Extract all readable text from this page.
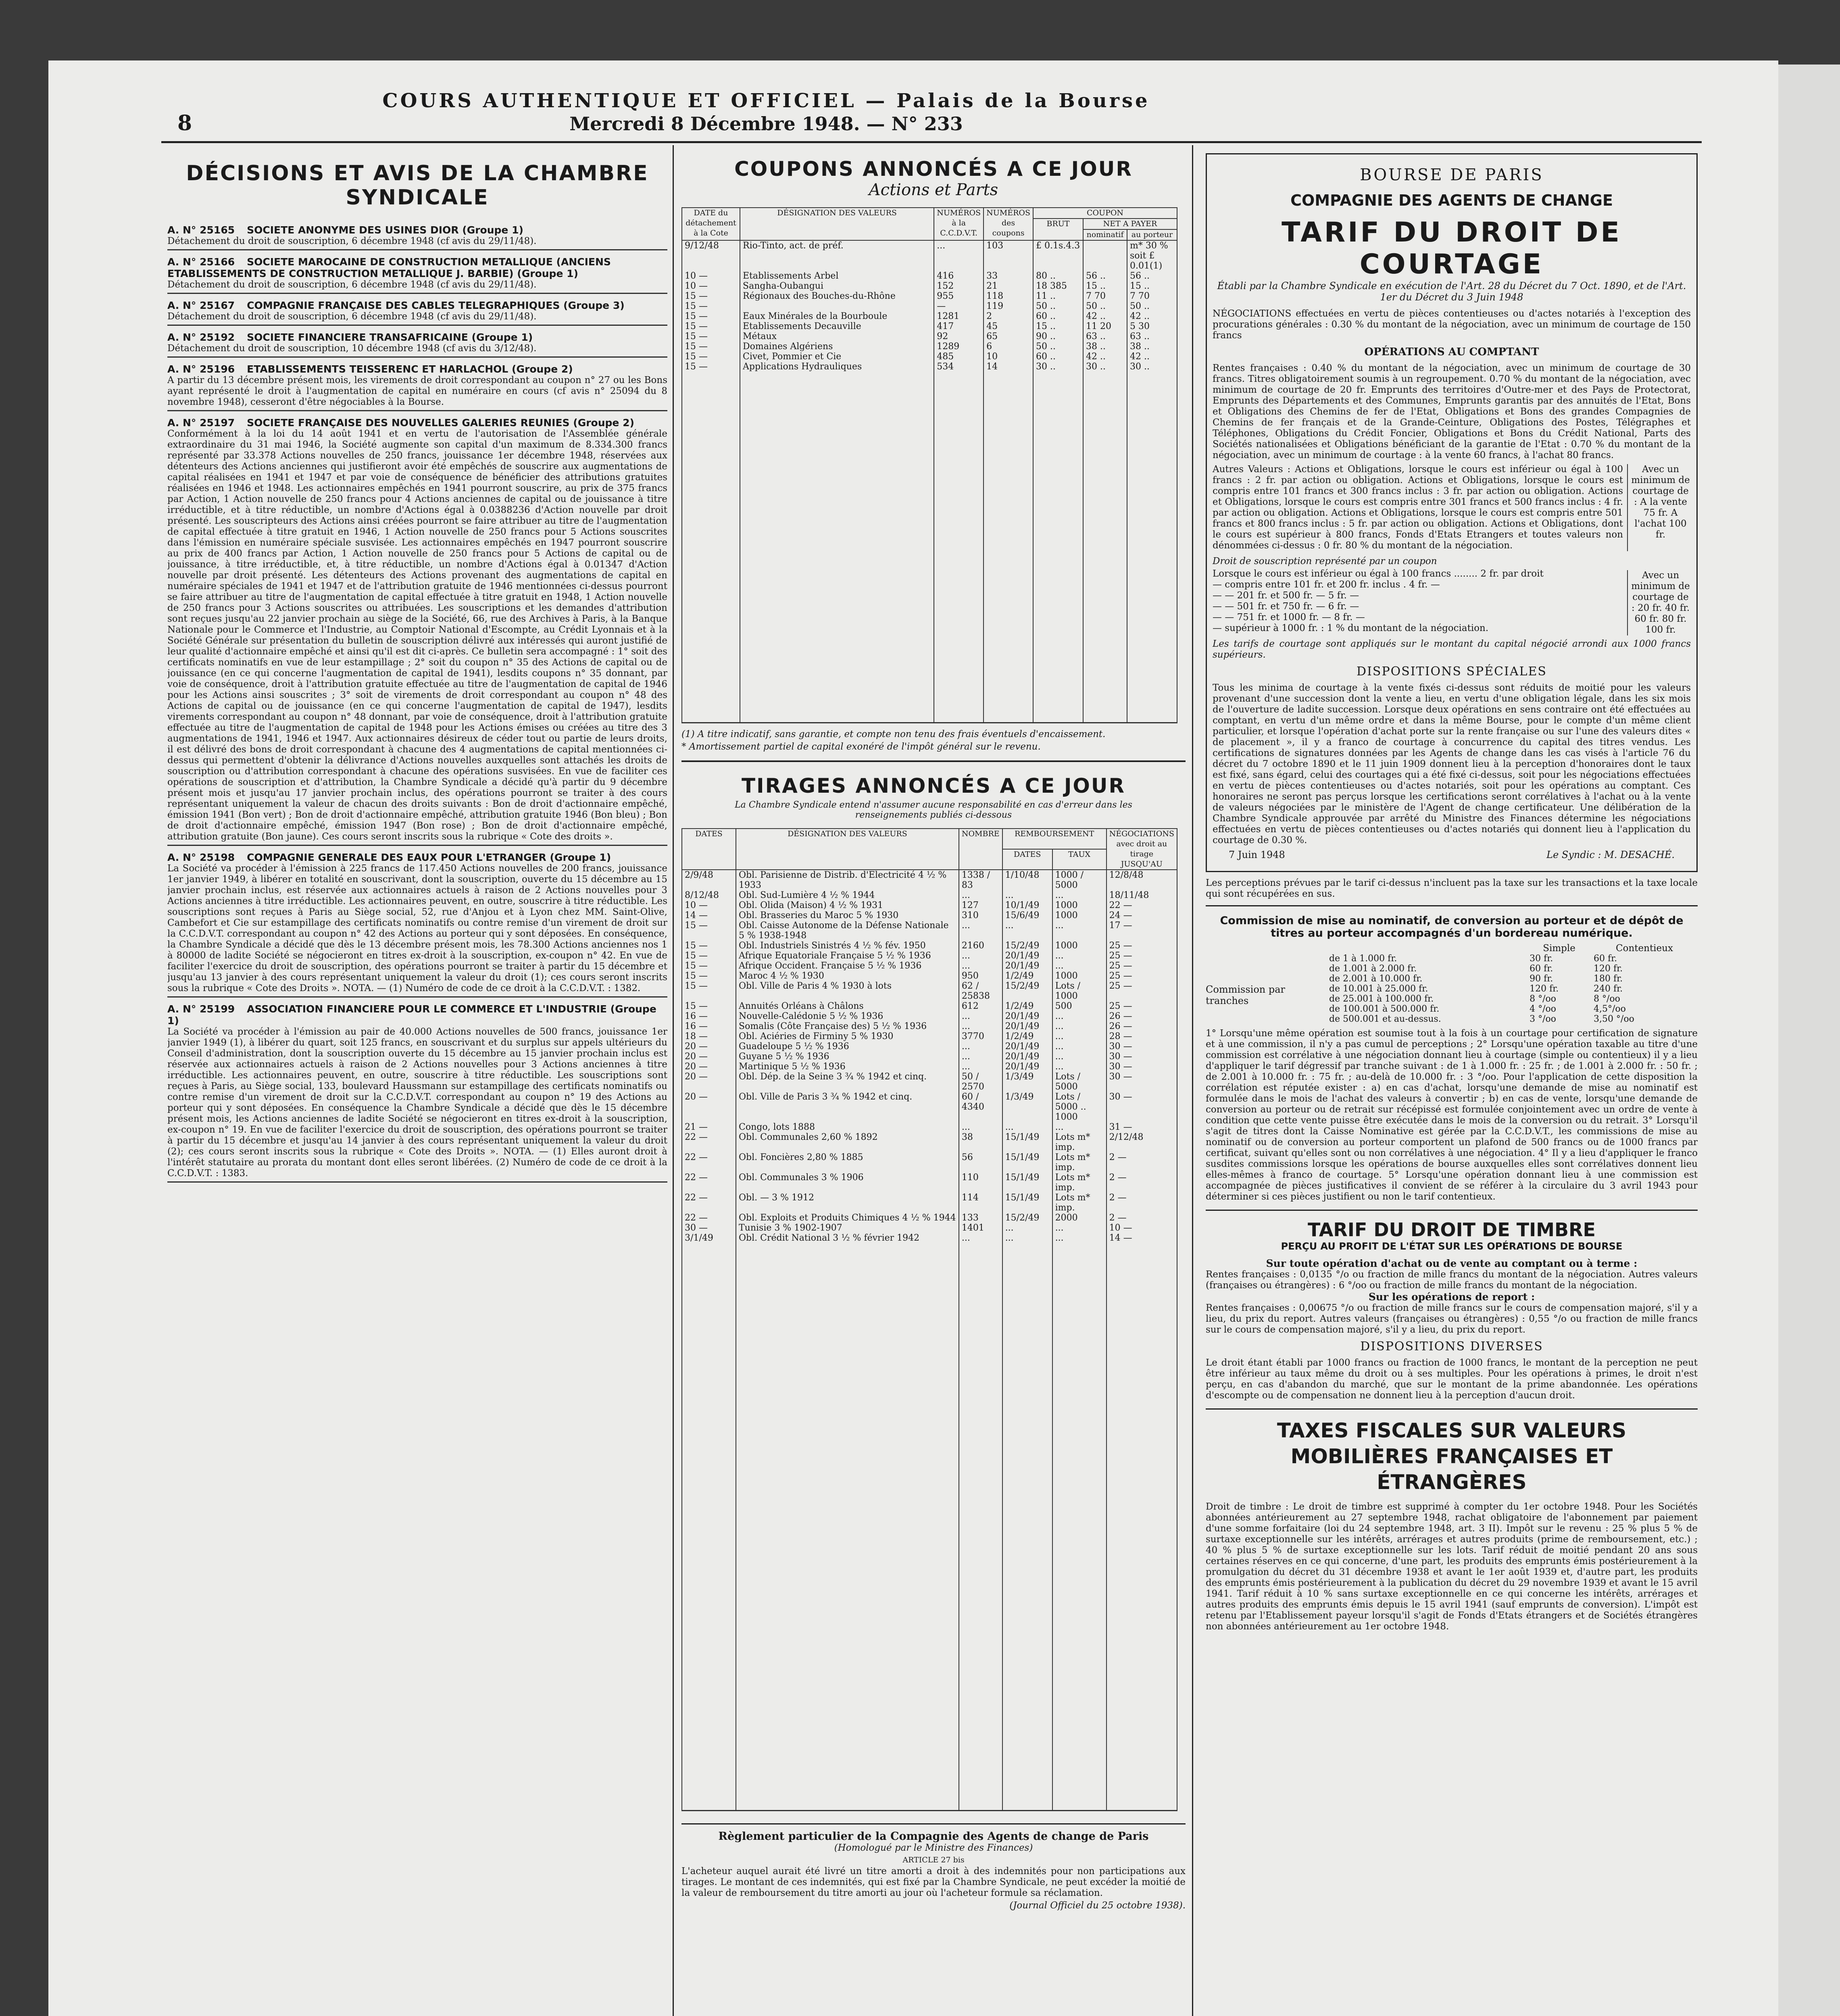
8
COURS AUTHENTIQUE ET OFFICIEL — Palais de la Bourse
Mercredi 8 Décembre 1948. — N° 233
DÉCISIONS ET AVIS DE LA CHAMBRE SYNDICALE
A. N° 25165 SOCIETE ANONYME DES USINES DIOR (Groupe 1)
Détachement du droit de souscription, 6 décembre 1948 (cf avis du 29/11/48).
A. N° 25166 SOCIETE MAROCAINE DE CONSTRUCTION METALLIQUE (ANCIENS ETABLISSEMENTS DE CONSTRUCTION METALLIQUE J. BARBIE) (Groupe 1)
Détachement du droit de souscription, 6 décembre 1948 (cf avis du 29/11/48).
A. N° 25167 COMPAGNIE FRANÇAISE DES CABLES TELEGRAPHIQUES (Groupe 3)
Détachement du droit de souscription, 6 décembre 1948 (cf avis du 29/11/48).
A. N° 25192 SOCIETE FINANCIERE TRANSAFRICAINE (Groupe 1)
Détachement du droit de souscription, 10 décembre 1948 (cf avis du 3/12/48).
A. N° 25196 ETABLISSEMENTS TEISSERENC ET HARLACHOL (Groupe 2)
A partir du 13 décembre présent mois, les virements de droit correspondant au coupon n° 27 ou les Bons ayant représenté le droit à l'augmentation de capital en numéraire en cours (cf avis n° 25094 du 8 novembre 1948), cesseront d'être négociables à la Bourse.
A. N° 25197 SOCIETE FRANÇAISE DES NOUVELLES GALERIES REUNIES (Groupe 2)
Conformément à la loi du 14 août 1941 et en vertu de l'autorisation de l'Assemblée générale extraordinaire du 31 mai 1946, la Société augmente son capital d'un maximum de 8.334.300 francs représenté par 33.378 Actions nouvelles de 250 francs, jouissance 1er décembre 1948, réservées aux détenteurs des Actions anciennes qui justifieront avoir été empêchés de souscrire aux augmentations de capital réalisées en 1941 et 1947 et par voie de conséquence de bénéficier des attributions gratuites réalisées en 1946 et 1948. Les actionnaires empêchés en 1941 pourront souscrire, au prix de 375 francs par Action, 1 Action nouvelle de 250 francs pour 4 Actions anciennes de capital ou de jouissance à titre irréductible, et à titre réductible, un nombre d'Actions égal à 0.0388236 d'Action nouvelle par droit présenté. Les souscripteurs des Actions ainsi créées pourront se faire attribuer au titre de l'augmentation de capital effectuée à titre gratuit en 1946, 1 Action nouvelle de 250 francs pour 5 Actions souscrites dans l'émission en numéraire spéciale susvisée. Les actionnaires empêchés en 1947 pourront souscrire au prix de 400 francs par Action, 1 Action nouvelle de 250 francs pour 5 Actions de capital ou de jouissance, à titre irréductible, et, à titre réductible, un nombre d'Actions égal à 0.01347 d'Action nouvelle par droit présenté. Les détenteurs des Actions provenant des augmentations de capital en numéraire spéciales de 1941 et 1947 et de l'attribution gratuite de 1946 mentionnées ci-dessus pourront se faire attribuer au titre de l'augmentation de capital effectuée à titre gratuit en 1948, 1 Action nouvelle de 250 francs pour 3 Actions souscrites ou attribuées. Les souscriptions et les demandes d'attribution sont reçues jusqu'au 22 janvier prochain au siège de la Société, 66, rue des Archives à Paris, à la Banque Nationale pour le Commerce et l'Industrie, au Comptoir National d'Escompte, au Crédit Lyonnais et à la Société Générale sur présentation du bulletin de souscription délivré aux intéressés qui auront justifié de leur qualité d'actionnaire empêché et ainsi qu'il est dit ci-après. Ce bulletin sera accompagné : 1° soit des certificats nominatifs en vue de leur estampillage ; 2° soit du coupon n° 35 des Actions de capital ou de jouissance (en ce qui concerne l'augmentation de capital de 1941), lesdits coupons n° 35 donnant, par voie de conséquence, droit à l'attribution gratuite effectuée au titre de l'augmentation de capital de 1946 pour les Actions ainsi souscrites ; 3° soit de virements de droit correspondant au coupon n° 48 des Actions de capital ou de jouissance (en ce qui concerne l'augmentation de capital de 1947), lesdits virements correspondant au coupon n° 48 donnant, par voie de conséquence, droit à l'attribution gratuite effectuée au titre de l'augmentation de capital de 1948 pour les Actions émises ou créées au titre des 3 augmentations de 1941, 1946 et 1947. Aux actionnaires désireux de céder tout ou partie de leurs droits, il est délivré des bons de droit correspondant à chacune des 4 augmentations de capital mentionnées ci-dessus qui permettent d'obtenir la délivrance d'Actions nouvelles auxquelles sont attachés les droits de souscription ou d'attribution correspondant à chacune des opérations susvisées. En vue de faciliter ces opérations de souscription et d'attribution, la Chambre Syndicale a décidé qu'à partir du 9 décembre présent mois et jusqu'au 17 janvier prochain inclus, des opérations pourront se traiter à des cours représentant uniquement la valeur de chacun des droits suivants : Bon de droit d'actionnaire empêché, émission 1941 (Bon vert) ; Bon de droit d'actionnaire empêché, attribution gratuite 1946 (Bon bleu) ; Bon de droit d'actionnaire empêché, émission 1947 (Bon rose) ; Bon de droit d'actionnaire empêché, attribution gratuite (Bon jaune). Ces cours seront inscrits sous la rubrique « Cote des droits ».
A. N° 25198 COMPAGNIE GENERALE DES EAUX POUR L'ETRANGER (Groupe 1)
La Société va procéder à l'émission à 225 francs de 117.450 Actions nouvelles de 200 francs, jouissance 1er janvier 1949, à libérer en totalité en souscrivant, dont la souscription, ouverte du 15 décembre au 15 janvier prochain inclus, est réservée aux actionnaires actuels à raison de 2 Actions nouvelles pour 3 Actions anciennes à titre irréductible. Les actionnaires peuvent, en outre, souscrire à titre réductible. Les souscriptions sont reçues à Paris au Siège social, 52, rue d'Anjou et à Lyon chez MM. Saint-Olive, Cambefort et Cie sur estampillage des certificats nominatifs ou contre remise d'un virement de droit sur la C.C.D.V.T. correspondant au coupon n° 42 des Actions au porteur qui y sont déposées. En conséquence, la Chambre Syndicale a décidé que dès le 13 décembre présent mois, les 78.300 Actions anciennes nos 1 à 80000 de ladite Société se négocieront en titres ex-droit à la souscription, ex-coupon n° 42. En vue de faciliter l'exercice du droit de souscription, des opérations pourront se traiter à partir du 15 décembre et jusqu'au 13 janvier à des cours représentant uniquement la valeur du droit (1); ces cours seront inscrits sous la rubrique « Cote des Droits ». NOTA. — (1) Numéro de code de ce droit à la C.C.D.V.T. : 1382.
A. N° 25199 ASSOCIATION FINANCIERE POUR LE COMMERCE ET L'INDUSTRIE (Groupe 1)
La Société va procéder à l'émission au pair de 40.000 Actions nouvelles de 500 francs, jouissance 1er janvier 1949 (1), à libérer du quart, soit 125 francs, en souscrivant et du surplus sur appels ultérieurs du Conseil d'administration, dont la souscription ouverte du 15 décembre au 15 janvier prochain inclus est réservée aux actionnaires actuels à raison de 2 Actions nouvelles pour 3 Actions anciennes à titre irréductible. Les actionnaires peuvent, en outre, souscrire à titre réductible. Les souscriptions sont reçues à Paris, au Siège social, 133, boulevard Haussmann sur estampillage des certificats nominatifs ou contre remise d'un virement de droit sur la C.C.D.V.T. correspondant au coupon n° 19 des Actions au porteur qui y sont déposées. En conséquence la Chambre Syndicale a décidé que dès le 15 décembre présent mois, les Actions anciennes de ladite Société se négocieront en titres ex-droit à la souscription, ex-coupon n° 19. En vue de faciliter l'exercice du droit de souscription, des opérations pourront se traiter à partir du 15 décembre et jusqu'au 14 janvier à des cours représentant uniquement la valeur du droit (2); ces cours seront inscrits sous la rubrique « Cote des Droits ». NOTA. — (1) Elles auront droit à l'intérêt statutaire au prorata du montant dont elles seront libérées. (2) Numéro de code de ce droit à la C.C.D.V.T. : 1383.
COUPONS ANNONCÉS A CE JOUR
Actions et Parts
DATE du détachement à la Cote	DÉSIGNATION DES VALEURS	NUMÉROS à la C.C.D.V.T.	NUMÉROS des coupons	COUPON		
				BRUT	NET A PAYER	
					nominatif	au porteur
9/12/48	Rio-Tinto, act. de préf.	...	103	£ 0.1s.4.3		m* 30 % soit £ 0.01(1)
10 —	Etablissements Arbel	416	33	80 ..	56 ..	56 ..
10 —	Sangha-Oubangui	152	21	18 385	15 ..	15 ..
15 —	Régionaux des Bouches-du-Rhône	955	118	11 ..	7 70	7 70
15 —		—	119	50 ..	50 ..	50 ..
15 —	Eaux Minérales de la Bourboule	1281	2	60 ..	42 ..	42 ..
15 —	Etablissements Decauville	417	45	15 ..	11 20	5 30
15 —	Métaux	92	65	90 ..	63 ..	63 ..
15 —	Domaines Algériens	1289	6	50 ..	38 ..	38 ..
15 —	Civet, Pommier et Cie	485	10	60 ..	42 ..	42 ..
15 —	Applications Hydrauliques	534	14	30 ..	30 ..	30 ..

(1) A titre indicatif, sans garantie, et compte non tenu des frais éventuels d'encaissement.
* Amortissement partiel de capital exonéré de l'impôt général sur le revenu.
TIRAGES ANNONCÉS A CE JOUR
La Chambre Syndicale entend n'assumer aucune responsabilité en cas d'erreur dans les renseignements publiés ci-dessous
DATES	DÉSIGNATION DES VALEURS	NOMBRE	REMBOURSEMENT		NÉGOCIATIONS avec droit au tirage JUSQU'AU
			DATES	TAUX	
2/9/48	Obl. Parisienne de Distrib. d'Electricité 4 ½ % 1933	1338 / 83	1/10/48	1000 / 5000	12/8/48
8/12/48	Obl. Sud-Lumière 4 ½ % 1944	...	...	...	18/11/48
10 —	Obl. Olida (Maison) 4 ½ % 1931	127	10/1/49	1000	22 —
14 —	Obl. Brasseries du Maroc 5 % 1930	310	15/6/49	1000	24 —
15 —	Obl. Caisse Autonome de la Défense Nationale 5 % 1938-1948	...	...	...	17 —
15 —	Obl. Industriels Sinistrés 4 ½ % fév. 1950	2160	15/2/49	1000	25 —
15 —	Afrique Equatoriale Française 5 ½ % 1936	...	20/1/49	...	25 —
15 —	Afrique Occident. Française 5 ½ % 1936	...	20/1/49	...	25 —
15 —	Maroc 4 ½ % 1930	950	1/2/49	1000	25 —
15 —	Obl. Ville de Paris 4 % 1930 à lots	62 / 25838	15/2/49	Lots / 1000	25 —
15 —	Annuités Orléans à Châlons	612	1/2/49	500	25 —
16 —	Nouvelle-Calédonie 5 ½ % 1936	...	20/1/49	...	26 —
16 —	Somalis (Côte Française des) 5 ½ % 1936	...	20/1/49	...	26 —
18 —	Obl. Aciéries de Firminy 5 % 1930	3770	1/2/49	...	28 —
20 —	Guadeloupe 5 ½ % 1936	...	20/1/49	...	30 —
20 —	Guyane 5 ½ % 1936	...	20/1/49	...	30 —
20 —	Martinique 5 ½ % 1936	...	20/1/49	...	30 —
20 —	Obl. Dép. de la Seine 3 ¾ % 1942 et cinq.	50 / 2570	1/3/49	Lots / 5000	30 —
20 —	Obl. Ville de Paris 3 ¾ % 1942 et cinq.	60 / 4340	1/3/49	Lots / 5000 .. 1000	30 —
21 —	Congo, lots 1888	...	...	...	31 —
22 —	Obl. Communales 2,60 % 1892	38	15/1/49	Lots m* imp.	2/12/48
22 —	Obl. Foncières 2,80 % 1885	56	15/1/49	Lots m* imp.	2 —
22 —	Obl. Communales 3 % 1906	110	15/1/49	Lots m* imp.	2 —
22 —	Obl. — 3 % 1912	114	15/1/49	Lots m* imp.	2 —
22 —	Obl. Exploits et Produits Chimiques 4 ½ % 1944	133	15/2/49	2000	2 —
30 —	Tunisie 3 % 1902-1907	1401	...	...	10 —
3/1/49	Obl. Crédit National 3 ½ % février 1942	...	...	...	14 —

Règlement particulier de la Compagnie des Agents de change de Paris
(Homologué par le Ministre des Finances)
ARTICLE 27 bis
L'acheteur auquel aurait été livré un titre amorti a droit à des indemnités pour non participations aux tirages. Le montant de ces indemnités, qui est fixé par la Chambre Syndicale, ne peut excéder la moitié de la valeur de remboursement du titre amorti au jour où l'acheteur formule sa réclamation.
(Journal Officiel du 25 octobre 1938).
BOURSE DE PARIS
COMPAGNIE DES AGENTS DE CHANGE
TARIF DU DROIT DE COURTAGE
Établi par la Chambre Syndicale en exécution de l'Art. 28 du Décret du 7 Oct. 1890, et de l'Art. 1er du Décret du 3 Juin 1948
NÉGOCIATIONS effectuées en vertu de pièces contentieuses ou d'actes notariés à l'exception des procurations générales : 0.30 % du montant de la négociation, avec un minimum de courtage de 150 francs
OPÉRATIONS AU COMPTANT
Rentes françaises : 0.40 % du montant de la négociation, avec un minimum de courtage de 30 francs. Titres obligatoirement soumis à un regroupement. 0.70 % du montant de la négociation, avec minimum de courtage de 20 fr. Emprunts des territoires d'Outre-mer et des Pays de Protectorat, Emprunts des Départements et des Communes, Emprunts garantis par des annuités de l'Etat, Bons et Obligations des Chemins de fer de l'Etat, Obligations et Bons des grandes Compagnies de Chemins de fer français et de la Grande-Ceinture, Obligations des Postes, Télégraphes et Téléphones, Obligations du Crédit Foncier, Obligations et Bons du Crédit National, Parts des Sociétés nationalisées et Obligations bénéficiant de la garantie de l'Etat : 0.70 % du montant de la négociation, avec un minimum de courtage : à la vente 60 francs, à l'achat 80 francs.
Autres Valeurs : Actions et Obligations, lorsque le cours est inférieur ou égal à 100 francs : 2 fr. par action ou obligation. Actions et Obligations, lorsque le cours est compris entre 101 francs et 300 francs inclus : 3 fr. par action ou obligation. Actions et Obligations, lorsque le cours est compris entre 301 francs et 500 francs inclus : 4 fr. par action ou obligation. Actions et Obligations, lorsque le cours est compris entre 501 francs et 800 francs inclus : 5 fr. par action ou obligation. Actions et Obligations, dont le cours est supérieur à 800 francs, Fonds d'Etats Etrangers et toutes valeurs non dénommées ci-dessus : 0 fr. 80 % du montant de la négociation.
Avec un minimum de courtage de : A la vente 75 fr. A l'achat 100 fr.
Droit de souscription représenté par un coupon
Lorsque le cours est inférieur ou égal à 100 francs ........ 2 fr. par droit
— compris entre 101 fr. et 200 fr. inclus . 4 fr. —
— — 201 fr. et 500 fr. — 5 fr. —
— — 501 fr. et 750 fr. — 6 fr. —
— — 751 fr. et 1000 fr. — 8 fr. —
— supérieur à 1000 fr. : 1 % du montant de la négociation.
Avec un minimum de courtage de : 20 fr. 40 fr. 60 fr. 80 fr. 100 fr.
Les tarifs de courtage sont appliqués sur le montant du capital négocié arrondi aux 1000 francs supérieurs.
DISPOSITIONS SPÉCIALES
Tous les minima de courtage à la vente fixés ci-dessus sont réduits de moitié pour les valeurs provenant d'une succession dont la vente a lieu, en vertu d'une obligation légale, dans les six mois de l'ouverture de ladite succession. Lorsque deux opérations en sens contraire ont été effectuées au comptant, en vertu d'un même ordre et dans la même Bourse, pour le compte d'un même client particulier, et lorsque l'opération d'achat porte sur la rente française ou sur l'une des valeurs dites « de placement », il y a franco de courtage à concurrence du capital des titres vendus. Les certifications de signatures données par les Agents de change dans les cas visés à l'article 76 du décret du 7 octobre 1890 et le 11 juin 1909 donnent lieu à la perception d'honoraires dont le taux est fixé, sans égard, celui des courtages qui a été fixé ci-dessus, soit pour les négociations effectuées en vertu de pièces contentieuses ou d'actes notariés, soit pour les opérations au comptant. Ces honoraires ne seront pas perçus lorsque les certifications seront corrélatives à l'achat ou à la vente de valeurs négociées par le ministère de l'Agent de change certificateur. Une délibération de la Chambre Syndicale approuvée par arrêté du Ministre des Finances détermine les négociations effectuées en vertu de pièces contentieuses ou d'actes notariés qui donnent lieu à l'application du courtage de 0.30 %.
7 Juin 1948	Le Syndic : M. DESACHÉ.
Les perceptions prévues par le tarif ci-dessus n'incluent pas la taxe sur les transactions et la taxe locale qui sont récupérées en sus.
Commission de mise au nominatif, de conversion au porteur et de dépôt de titres au porteur accompagnés d'un bordereau numérique.
Commission par tranches
	Simple	Contentieux
de 1 à 1.000 fr.	30 fr.	60 fr.
de 1.001 à 2.000 fr.	60 fr.	120 fr.
de 2.001 à 10.000 fr.	90 fr.	180 fr.
de 10.001 à 25.000 fr.	120 fr.	240 fr.
de 25.001 à 100.000 fr.	8 °/oo	8 °/oo
de 100.001 à 500.000 fr.	4 °/oo	4,5°/oo
de 500.001 et au-dessus.	3 °/oo	3,50 °/oo
1° Lorsqu'une même opération est soumise tout à la fois à un courtage pour certification de signature et à une commission, il n'y a pas cumul de perceptions ; 2° Lorsqu'une opération taxable au titre d'une commission est corrélative à une négociation donnant lieu à courtage (simple ou contentieux) il y a lieu d'appliquer le tarif dégressif par tranche suivant : de 1 à 1.000 fr. : 25 fr. ; de 1.001 à 2.000 fr. : 50 fr. ; de 2.001 à 10.000 fr. : 75 fr. ; au-delà de 10.000 fr. : 3 °/oo. Pour l'application de cette disposition la corrélation est réputée exister : a) en cas d'achat, lorsqu'une demande de mise au nominatif est formulée dans le mois de l'achat des valeurs à convertir ; b) en cas de vente, lorsqu'une demande de conversion au porteur ou de retrait sur récépissé est formulée conjointement avec un ordre de vente à condition que cette vente puisse être exécutée dans le mois de la conversion ou du retrait. 3° Lorsqu'il s'agit de titres dont la Caisse Nominative est gérée par la C.C.D.V.T., les commissions de mise au nominatif ou de conversion au porteur comportent un plafond de 500 francs ou de 1000 francs par certificat, suivant qu'elles sont ou non corrélatives à une négociation. 4° Il y a lieu d'appliquer le franco susdites commissions lorsque les opérations de bourse auxquelles elles sont corrélatives donnent lieu elles-mêmes à franco de courtage. 5° Lorsqu'une opération donnant lieu à une commission est accompagnée de pièces justificatives il convient de se référer à la circulaire du 3 avril 1943 pour déterminer si ces pièces justifient ou non le tarif contentieux.
TARIF DU DROIT DE TIMBRE
PERÇU AU PROFIT DE L'ÉTAT SUR LES OPÉRATIONS DE BOURSE
Sur toute opération d'achat ou de vente au comptant ou à terme :
Rentes françaises : 0,0135 °/o ou fraction de mille francs du montant de la négociation. Autres valeurs (françaises ou étrangères) : 6 °/oo ou fraction de mille francs du montant de la négociation.
Sur les opérations de report :
Rentes françaises : 0,00675 °/o ou fraction de mille francs sur le cours de compensation majoré, s'il y a lieu, du prix du report. Autres valeurs (françaises ou étrangères) : 0,55 °/o ou fraction de mille francs sur le cours de compensation majoré, s'il y a lieu, du prix du report.
DISPOSITIONS DIVERSES
Le droit étant établi par 1000 francs ou fraction de 1000 francs, le montant de la perception ne peut être inférieur au taux même du droit ou à ses multiples. Pour les opérations à primes, le droit n'est perçu, en cas d'abandon du marché, que sur le montant de la prime abandonnée. Les opérations d'escompte ou de compensation ne donnent lieu à la perception d'aucun droit.
TAXES FISCALES SUR VALEURS MOBILIÈRES FRANÇAISES ET ÉTRANGÈRES
Droit de timbre : Le droit de timbre est supprimé à compter du 1er octobre 1948. Pour les Sociétés abonnées antérieurement au 27 septembre 1948, rachat obligatoire de l'abonnement par paiement d'une somme forfaitaire (loi du 24 septembre 1948, art. 3 II). Impôt sur le revenu : 25 % plus 5 % de surtaxe exceptionnelle sur les intérêts, arrérages et autres produits (prime de remboursement, etc.) ; 40 % plus 5 % de surtaxe exceptionnelle sur les lots. Tarif réduit de moitié pendant 20 ans sous certaines réserves en ce qui concerne, d'une part, les produits des emprunts émis postérieurement à la promulgation du décret du 31 décembre 1938 et avant le 1er août 1939 et, d'autre part, les produits des emprunts émis postérieurement à la publication du décret du 29 novembre 1939 et avant le 15 avril 1941. Tarif réduit à 10 % sans surtaxe exceptionnelle en ce qui concerne les intérêts, arrérages et autres produits des emprunts émis depuis le 15 avril 1941 (sauf emprunts de conversion). L'impôt est retenu par l'Etablissement payeur lorsqu'il s'agit de Fonds d'Etats étrangers et de Sociétés étrangères non abonnées antérieurement au 1er octobre 1948.
